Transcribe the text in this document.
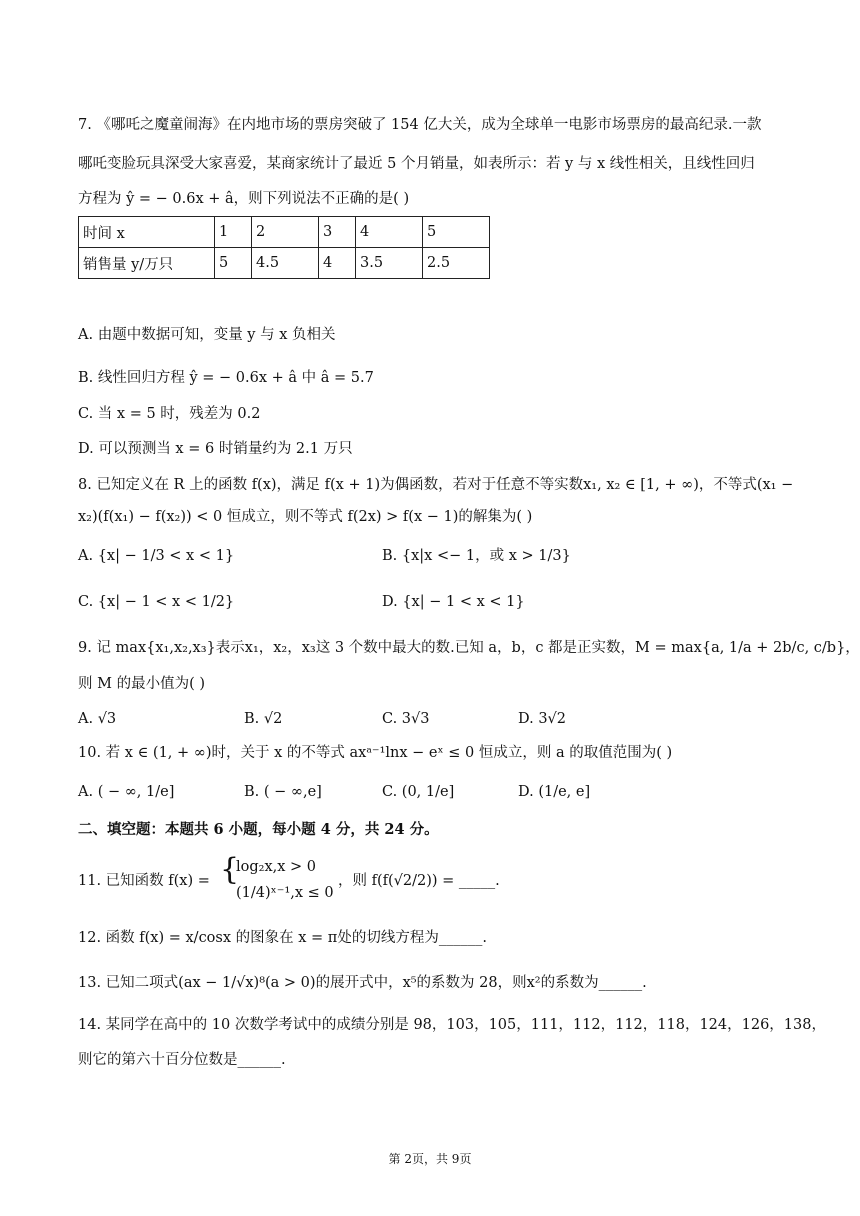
7. 《哪吒之魔童闹海》在内地市场的票房突破了 154 亿大关，成为全球单一电影市场票房的最高纪录.一款
哪吒变脸玩具深受大家喜爱，某商家统计了最近 5 个月销量，如表所示：若 y 与 x 线性相关，且线性回归
方程为 ŷ = − 0.6x + â，则下列说法不正确的是( )
时间 x	1	2	3	4	5
销售量 y/万只	5	4.5	4	3.5	2.5
A. 由题中数据可知，变量 y 与 x 负相关
B. 线性回归方程 ŷ = − 0.6x + â 中 â = 5.7
C. 当 x = 5 时，残差为 0.2
D. 可以预测当 x = 6 时销量约为 2.1 万只
8. 已知定义在 R 上的函数 f(x)，满足 f(x + 1)为偶函数，若对于任意不等实数x₁, x₂ ∈ [1, + ∞)，不等式(x₁ −
x₂)(f(x₁) − f(x₂)) < 0 恒成立，则不等式 f(2x) > f(x − 1)的解集为( )
A. {x| − 1/3 < x < 1}	B. {x|x <− 1，或 x > 1/3}
C. {x| − 1 < x < 1/2}	D. {x| − 1 < x < 1}
9. 记 max{x₁,x₂,x₃}表示x₁，x₂，x₃这 3 个数中最大的数.已知 a，b，c 都是正实数，M = max{a, 1/a + 2b/c, c/b}，
则 M 的最小值为( )
A. √3	B. √2	C. 3√3	D. 3√2
10. 若 x ∈ (1, + ∞)时，关于 x 的不等式 axᵃ⁻¹lnx − eˣ ≤ 0 恒成立，则 a 的取值范围为( )
A. ( − ∞, 1/e]	B. ( − ∞,e]	C. (0, 1/e]	D. (1/e, e]
二、填空题：本题共 6 小题，每小题 4 分，共 24 分。
11. 已知函数 f(x) = {
log₂x,x > 0
(1/4)ˣ⁻¹,x ≤ 0
，则 f(f(√2/2)) = _____.
12. 函数 f(x) = x/cosx 的图象在 x = π处的切线方程为______.
13. 已知二项式(ax − 1/√x)⁸(a > 0)的展开式中，x⁵的系数为 28，则x²的系数为______.
14. 某同学在高中的 10 次数学考试中的成绩分别是 98，103，105，111，112，112，118，124，126，138，
则它的第六十百分位数是______.
第 2页，共 9页
